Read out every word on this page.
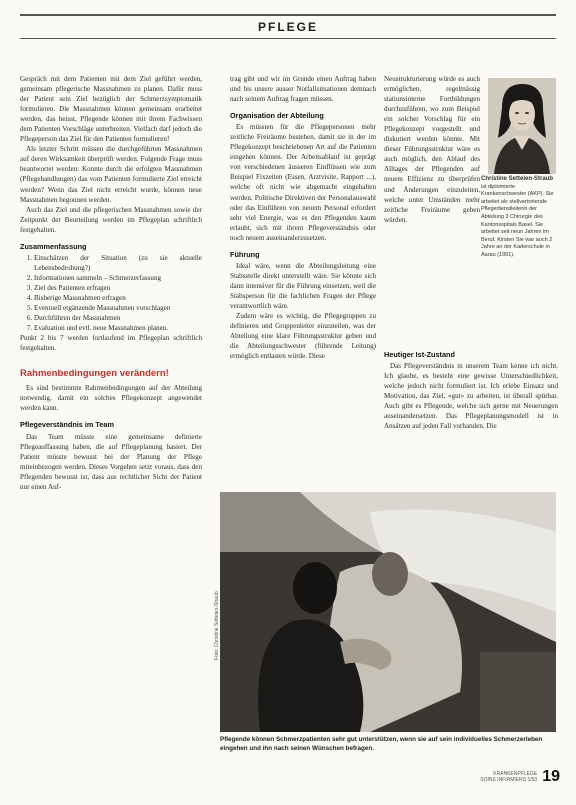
PFLEGE

Gespräch mit dem Patienten mit dem Ziel geführt werden, gemeinsam pflegerische Massnahmen zu planen. Dafür muss der Patient sein Ziel bezüglich der Schmerzsymptomatik formulieren. Die Massnahmen können gemeinsam erarbeitet werden, das heisst, Pflegende können mit ihrem Fachwissen dem Patienten Vorschläge unterbreiten. Vielfach darf jedoch die Pflegeperson das Ziel für den Patienten formulieren!

Als letzter Schritt müssen die durchgeführten Massnahmen auf deren Wirksamkeit überprüft werden. Folgende Frage muss beantwortet werden: Konnte durch die erfolgten Massnahmen (Pflegehandlungen) das vom Patienten formulierte Ziel erreicht werden? Wenn das Ziel nicht erreicht wurde, können neue Massnahmen begonnen werden.

Auch das Ziel und die pflegerischen Massnahmen sowie der Zeitpunkt der Beurteilung werden im Pflegeplan schriftlich festgehalten.

Zusammenfassung
1. Einschätzen der Situation (zu sie aktuelle Lebensbedrohung?)
2. Informationen sammeln – Schmerzerfassung
3. Ziel des Patienten erfragen
4. Bisherige Massnahmen erfragen
5. Eventuell ergänzende Massnahmen vorschlagen
6. Durchführen der Massnahmen
7. Evaluation und evtl. neue Massnahmen planen.

Punkt 2 bis 7 werden fortlaufend im Pflegeplan schriftlich festgehalten.

Rahmenbedingungen verändern!

Es sind bestimmte Rahmenbedingungen auf der Abteilung notwendig, damit ein solches Pflegekonzept angewendet werden kann.

Pflegeverständnis im Team

Das Team müsste eine gemeinsame definierte Pflegeauffassung haben, die auf Pflegeplanung basiert. Der Patient müsste bewusst bei der Planung der Pflege miteinbezogen werden. Dieses Vorgehen setzt voraus, dass den Pflegenden bewusst ist, dass aus rechtlicher Sicht der Patient nur einen Auf-

trag gibt und wir im Grunde einen Auftrag haben und bis unsere ausser Notfallsituationen demnach nach seinem Auftrag fragen müssen.

Organisation der Abteilung

Es müssten für die Pflegepersonen mehr zeitliche Freiräume bestehen, damit sie in der im Pflegekonzept beschriebenen Art auf die Patienten eingehen können. Der Arbeitsablauf ist geprägt von verschiedenen äusseren Einflüssen wie zum Beispiel Fixzeiten (Essen, Arztvisite, Rapport ...), welche oft nicht wie abgemacht eingehalten werden. Politische Direktiven der Personalauswahl oder das Einführen von neuem Personal erfordert sehr viel Energie, was es den Pflegenden kaum erlaubt, sich mit ihrem Pflegeverständnis oder noch neuem auseinanderzusetzen.

Führung

Ideal wäre, wenn die Abteilungsleitung eine Stabsstelle direkt unterstellt wäre. Sie könnte sich dann intensiver für die Führung einsetzen, weil die Stabsperson für die fachlichen Fragen der Pflege verantwortlich wäre.

Zudem wäre es wichtig, die Pflegegruppen zu definieren und Gruppenleiter einzuteilen, was der Abteilung eine klare Führungsstruktur geben und die Abteilungsschwester (führende Leitung) ermöglich entlasten würde. Diese

Neustrukturierung würde es auch ermöglichen, regelmässig stationsinterne Fortbildungen durchzuführen, wo zum Beispiel ein solcher Vorschlag für ein Pflegekonzept vorgestellt und diskutiert werden könnte. Mit dieser Führungsstruktur wäre es auch möglich, den Ablauf des Alltages der Pflegenden auf neuem Effizienz zu überprüfen und Änderungen einzuleiten, welche unter Umständen mehr zeitliche Freiräume geben würden.

Heutiger Ist-Zustand

Das Pflegeverständnis in unserem Team kenne ich nicht. Ich glaube, es besteht eine gewisse Unterschiedlichkeit, welche jedoch nicht formuliert ist. Ich erlebe Einsatz und Motivation, das Ziel, «gut» zu arbeiten, ist überall spürbar. Auch gibt es Pflegende, welche sich gerne mit Neuerungen auseinandersetzen. Das Pflegeplanungsmodell ist in Ansätzen auf jeden Fall vorhanden. Die

Christine Settelen-Straub ist diplomierte Krankenschwester (AKP). Sie arbeitet als stellvertretende Pflegedienstleiterin der Abteilung 3 Chirurgie des Kantonsspitals Basel. Sie arbeitet seit neun Jahren im Beruf. Kirsten Sie war auch 2 Jahre an der Kaderschule in Aarau (1991).
Foto: Christine Settelen-Straub
Pflegende können Schmerzpatienten sehr gut unterstützen, wenn sie auf sein individuelles Schmerzerleben eingehen und ihn nach seinen Wünschen befragen.
KRANKENPFLEGE
SOINS INFIRMIERS 1/93 19
